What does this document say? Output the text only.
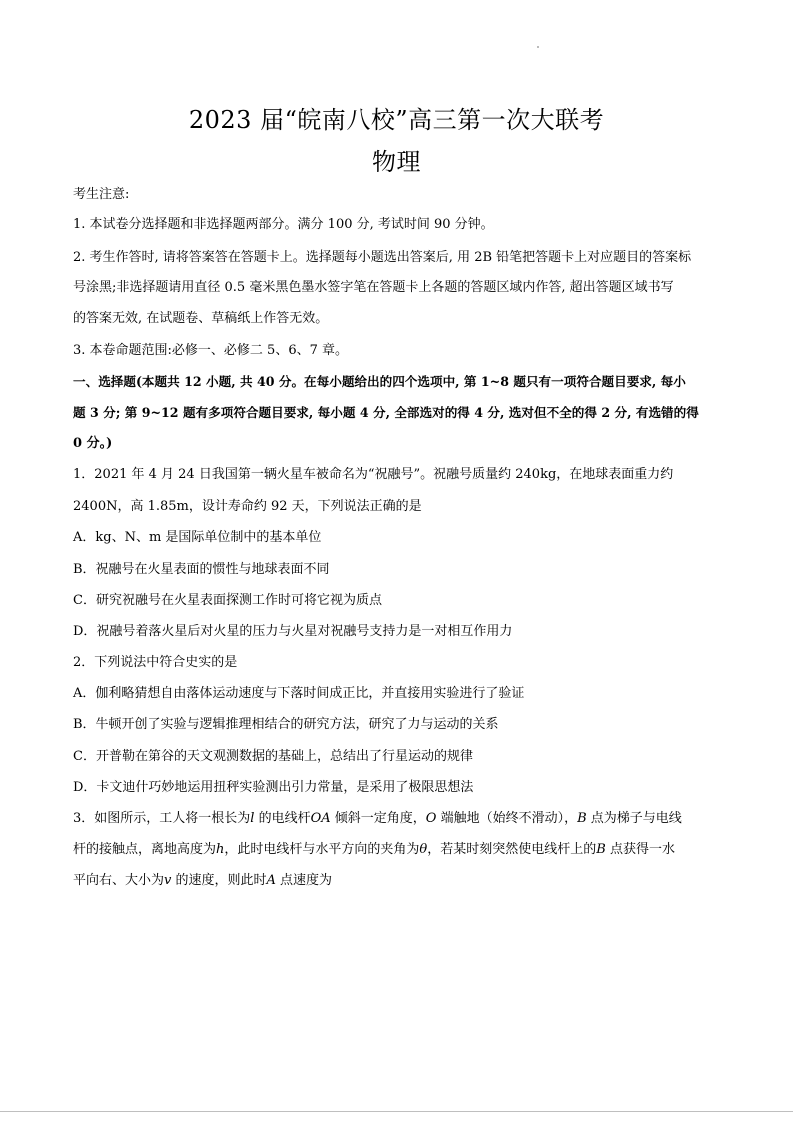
2023 届“皖南八校”高三第一次大联考
物理
考生注意:
1. 本试卷分选择题和非选择题两部分。满分 100 分, 考试时间 90 分钟。
2. 考生作答时, 请将答案答在答题卡上。选择题每小题选出答案后, 用 2B 铅笔把答题卡上对应题目的答案标
号涂黑;非选择题请用直径 0.5 毫米黑色墨水签字笔在答题卡上各题的答题区域内作答, 超出答题区域书写
的答案无效, 在试题卷、草稿纸上作答无效。
3. 本卷命题范围:必修一、必修二 5、6、7 章。
一、选择题(本题共 12 小题, 共 40 分。在每小题给出的四个选项中, 第 1~8 题只有一项符合题目要求, 每小
题 3 分; 第 9~12 题有多项符合题目要求, 每小题 4 分, 全部选对的得 4 分, 选对但不全的得 2 分, 有选错的得
0 分。)
1．2021 年 4 月 24 日我国第一辆火星车被命名为“祝融号”。祝融号质量约 240kg，在地球表面重力约
2400N，高 1.85m，设计寿命约 92 天，下列说法正确的是
A．kg、N、m 是国际单位制中的基本单位
B．祝融号在火星表面的惯性与地球表面不同
C．研究祝融号在火星表面探测工作时可将它视为质点
D．祝融号着落火星后对火星的压力与火星对祝融号支持力是一对相互作用力
2．下列说法中符合史实的是
A．伽利略猜想自由落体运动速度与下落时间成正比，并直接用实验进行了验证
B．牛顿开创了实验与逻辑推理相结合的研究方法，研究了力与运动的关系
C．开普勒在第谷的天文观测数据的基础上，总结出了行星运动的规律
D．卡文迪什巧妙地运用扭秤实验测出引力常量，是采用了极限思想法
3．如图所示，工人将一根长为l 的电线杆OA 倾斜一定角度，O 端触地（始终不滑动），B 点为梯子与电线
杆的接触点，离地高度为h，此时电线杆与水平方向的夹角为θ，若某时刻突然使电线杆上的B 点获得一水
平向右、大小为v 的速度，则此时A 点速度为
